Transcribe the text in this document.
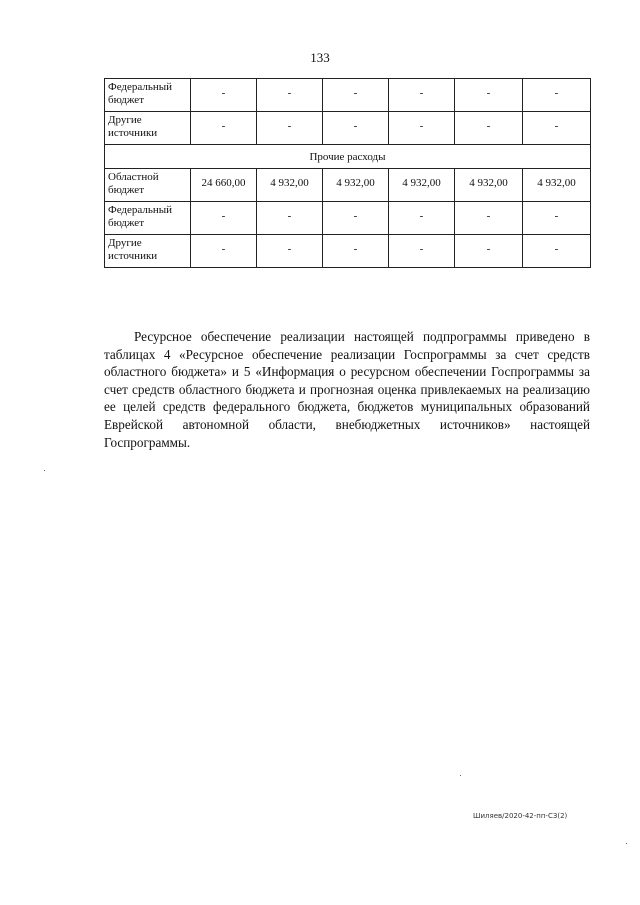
133
Федеральный бюджет	-	-	-	-	-	-
Другие источники	-	-	-	-	-	-
Прочие расходы						
Областной бюджет	24 660,00	4 932,00	4 932,00	4 932,00	4 932,00	4 932,00
Федеральный бюджет	-	-	-	-	-	-
Другие источники	-	-	-	-	-	-

Ресурсное обеспечение реализации настоящей подпрограммы приведено в таблицах 4 «Ресурсное обеспечение реализации Госпрограммы за счет средств областного бюджета» и 5 «Информация о ресурсном обеспечении Госпрограммы за счет средств областного бюджета и прогнозная оценка привлекаемых на реализацию ее целей средств федерального бюджета, бюджетов муниципальных образований Еврейской автономной области, внебюджетных источников» настоящей Госпрограммы.

Шиляев/2020-42-пп-СЗ(2)
